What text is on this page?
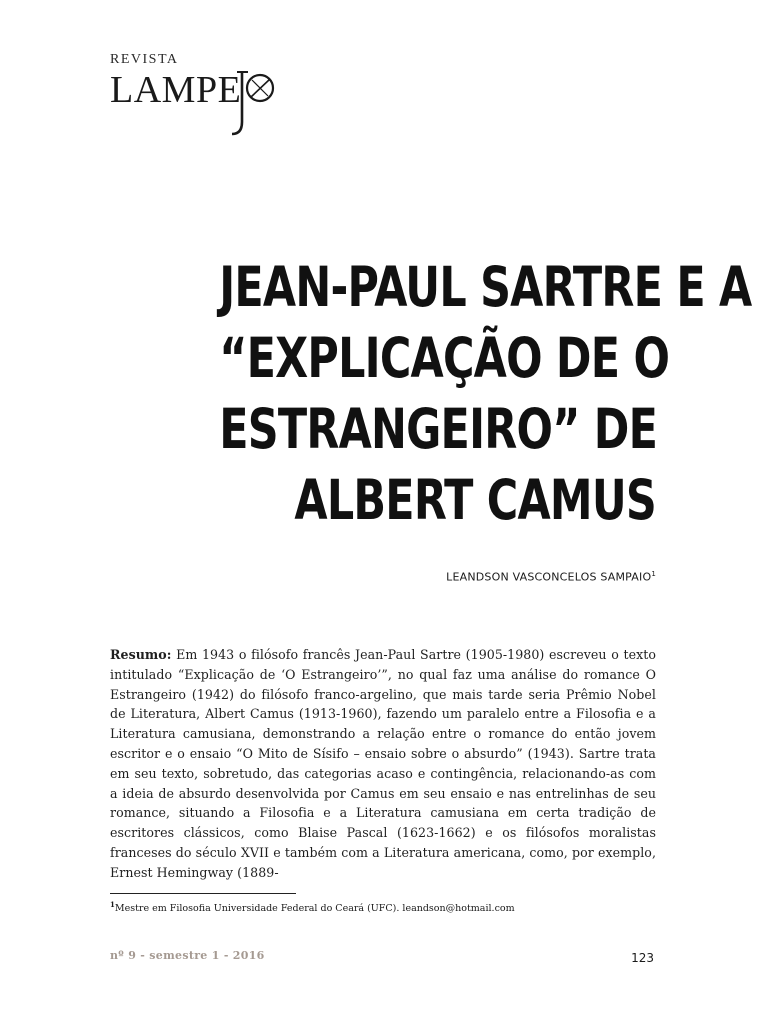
REVISTA
LAMPE
JEAN-PAUL SARTRE E A
“EXPLICAÇÃO DE O
ESTRANGEIRO” DE
ALBERT CAMUS
LEANDSON VASCONCELOS SAMPAIO$^1$
Resumo: Em 1943 o filósofo francês Jean-Paul Sartre (1905-1980) escreveu o texto intitulado “Explicação de ‘O Estrangeiro’”, no qual faz uma análise do romance O Estrangeiro (1942) do filósofo franco-argelino, que mais tarde seria Prêmio Nobel de Literatura, Albert Camus (1913-1960), fazendo um paralelo entre a Filosofia e a Literatura camusiana, demonstrando a relação entre o romance do então jovem escritor e o ensaio “O Mito de Sísifo – ensaio sobre o absurdo” (1943). Sartre trata em seu texto, sobretudo, das categorias acaso e contingência, relacionando-as com a ideia de absurdo desenvolvida por Camus em seu ensaio e nas entrelinhas de seu romance, situando a Filosofia e a Literatura camusiana em certa tradição de escritores clássicos, como Blaise Pascal (1623-1662) e os filósofos moralistas franceses do século XVII e também com a Literatura americana, como, por exemplo, Ernest Hemingway (1889-
$^1$Mestre em Filosofia Universidade Federal do Ceará (UFC). leandson@hotmail.com
nº 9 - semestre 1 - 2016	123
